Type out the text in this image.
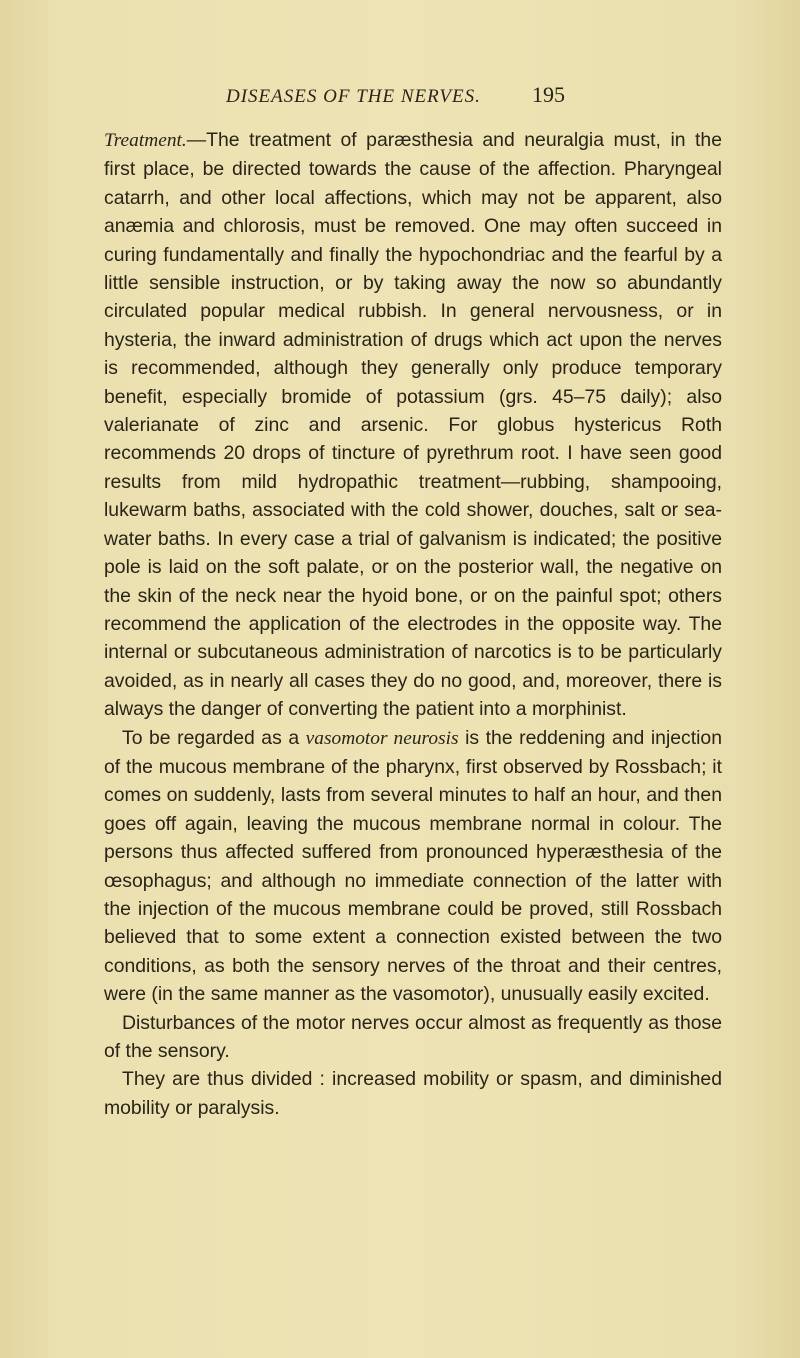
DISEASES OF THE NERVES. 195

Treatment.—The treatment of paræsthesia and neuralgia must, in the first place, be directed towards the cause of the affection. Pharyngeal catarrh, and other local affections, which may not be apparent, also anæmia and chlorosis, must be removed. One may often succeed in curing fundamentally and finally the hypochondriac and the fearful by a little sensible instruction, or by taking away the now so abundantly circulated popular medical rubbish. In general nervousness, or in hysteria, the inward administration of drugs which act upon the nerves is recommended, although they generally only produce temporary benefit, especially bromide of potassium (grs. 45–75 daily); also valerianate of zinc and arsenic. For globus hystericus Roth recommends 20 drops of tincture of pyrethrum root. I have seen good results from mild hydropathic treatment—rubbing, shampooing, lukewarm baths, associated with the cold shower, douches, salt or sea-water baths. In every case a trial of galvanism is indicated; the positive pole is laid on the soft palate, or on the posterior wall, the negative on the skin of the neck near the hyoid bone, or on the painful spot; others recommend the application of the electrodes in the opposite way. The internal or subcutaneous administration of narcotics is to be particularly avoided, as in nearly all cases they do no good, and, moreover, there is always the danger of converting the patient into a morphinist.

To be regarded as a vasomotor neurosis is the reddening and injection of the mucous membrane of the pharynx, first observed by Rossbach; it comes on suddenly, lasts from several minutes to half an hour, and then goes off again, leaving the mucous membrane normal in colour. The persons thus affected suffered from pronounced hyperæsthesia of the œsophagus; and although no immediate connection of the latter with the injection of the mucous membrane could be proved, still Rossbach believed that to some extent a connection existed between the two conditions, as both the sensory nerves of the throat and their centres, were (in the same manner as the vasomotor), unusually easily excited.

Disturbances of the motor nerves occur almost as frequently as those of the sensory.

They are thus divided : increased mobility or spasm, and diminished mobility or paralysis.
